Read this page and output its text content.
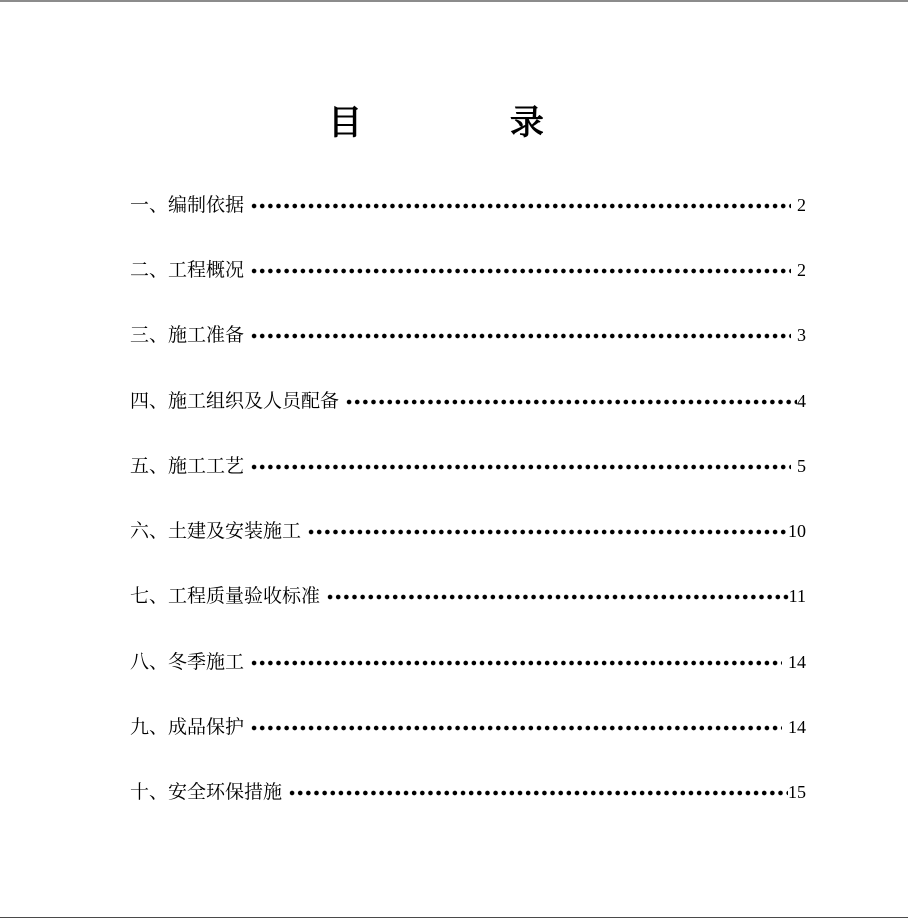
目 录
一、编制依据	2
二、工程概况	2
三、施工准备	3
四、施工组织及人员配备	4
五、施工工艺	5
六、土建及安装施工	10
七、工程质量验收标准	11
八、冬季施工	14
九、成品保护	14
十、安全环保措施	15
